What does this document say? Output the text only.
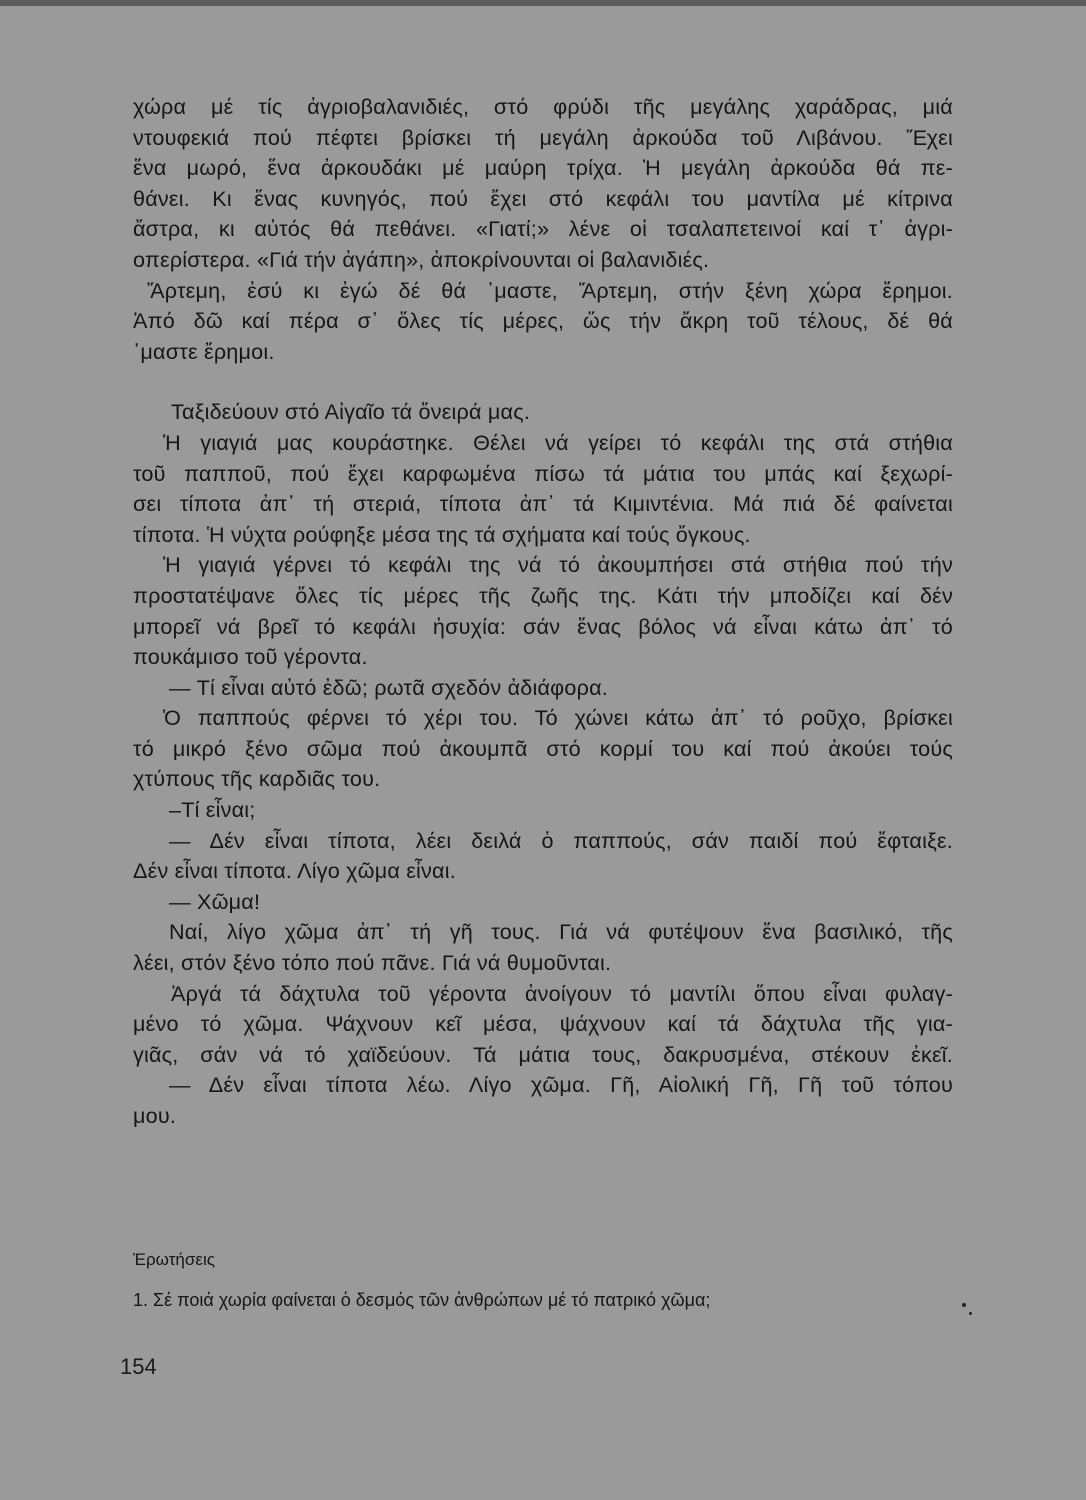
χώρα μέ τίς ἀγριοβαλανιδιές, στό φρύδι τῆς μεγάλης χαράδρας, μιά
ντουφεκιά πού πέφτει βρίσκει τή μεγάλη ἀρκούδα τοῦ Λιβάνου. Ἔχει
ἕνα μωρό, ἕνα ἀρκουδάκι μέ μαύρη τρίχα. Ἡ μεγάλη ἀρκούδα θά πε-
θάνει. Κι ἕνας κυνηγός, πού ἔχει στό κεφάλι του μαντίλα μέ κίτρινα
ἄστρα, κι αὐτός θά πεθάνει. «Γιατί;» λένε οἱ τσαλαπετεινοί καί τ᾽ ἀγρι-
οπερίστερα. «Γιά τήν ἀγάπη», ἀποκρίνουνται οἱ βαλανιδιές.
Ἄρτεμη, ἐσύ κι ἐγώ δέ θά ᾽μαστε, Ἄρτεμη, στήν ξένη χώρα ἔρημοι.
Ἀπό δῶ καί πέρα σ᾽ ὅλες τίς μέρες, ὥς τήν ἄκρη τοῦ τέλους, δέ θά
᾽μαστε ἔρημοι.
Ταξιδεύουν στό Αἰγαῖο τά ὄνειρά μας.
Ἡ γιαγιά μας κουράστηκε. Θέλει νά γείρει τό κεφάλι της στά στήθια
τοῦ παπποῦ, πού ἔχει καρφωμένα πίσω τά μάτια του μπάς καί ξεχωρί-
σει τίποτα ἀπ᾽ τή στεριά, τίποτα ἀπ᾽ τά Κιμιντένια. Μά πιά δέ φαίνεται
τίποτα. Ἡ νύχτα ρούφηξε μέσα της τά σχήματα καί τούς ὄγκους.
Ἡ γιαγιά γέρνει τό κεφάλι της νά τό ἀκουμπήσει στά στήθια πού τήν
προστατέψανε ὅλες τίς μέρες τῆς ζωῆς της. Κάτι τήν μποδίζει καί δέν
μπορεῖ νά βρεῖ τό κεφάλι ἡσυχία: σάν ἕνας βόλος νά εἶναι κάτω ἀπ᾽ τό
πουκάμισο τοῦ γέροντα.
— Τί εἶναι αὐτό ἐδῶ; ρωτᾶ σχεδόν ἀδιάφορα.
Ὁ παππούς φέρνει τό χέρι του. Τό χώνει κάτω ἀπ᾽ τό ροῦχο, βρίσκει
τό μικρό ξένο σῶμα πού ἀκουμπᾶ στό κορμί του καί πού ἀκούει τούς
χτύπους τῆς καρδιᾶς του.
–Τί εἶναι;
— Δέν εἶναι τίποτα, λέει δειλά ὁ παππούς, σάν παιδί πού ἔφταιξε.
Δέν εἶναι τίποτα. Λίγο χῶμα εἶναι.
— Χῶμα!
Ναί, λίγο χῶμα ἀπ᾽ τή γῆ τους. Γιά νά φυτέψουν ἕνα βασιλικό, τῆς
λέει, στόν ξένο τόπο πού πᾶνε. Γιά νά θυμοῦνται.
Ἀργά τά δάχτυλα τοῦ γέροντα ἀνοίγουν τό μαντίλι ὅπου εἶναι φυλαγ-
μένο τό χῶμα. Ψάχνουν κεῖ μέσα, ψάχνουν καί τά δάχτυλα τῆς για-
γιᾶς, σάν νά τό χαϊδεύουν. Τά μάτια τους, δακρυσμένα, στέκουν ἐκεῖ.
— Δέν εἶναι τίποτα λέω. Λίγο χῶμα. Γῆ, Αἰολική Γῆ, Γῆ τοῦ τόπου
μου.
Ἐρωτήσεις
1. Σέ ποιά χωρία φαίνεται ὁ δεσμός τῶν ἀνθρώπων μέ τό πατρικό χῶμα;
154
